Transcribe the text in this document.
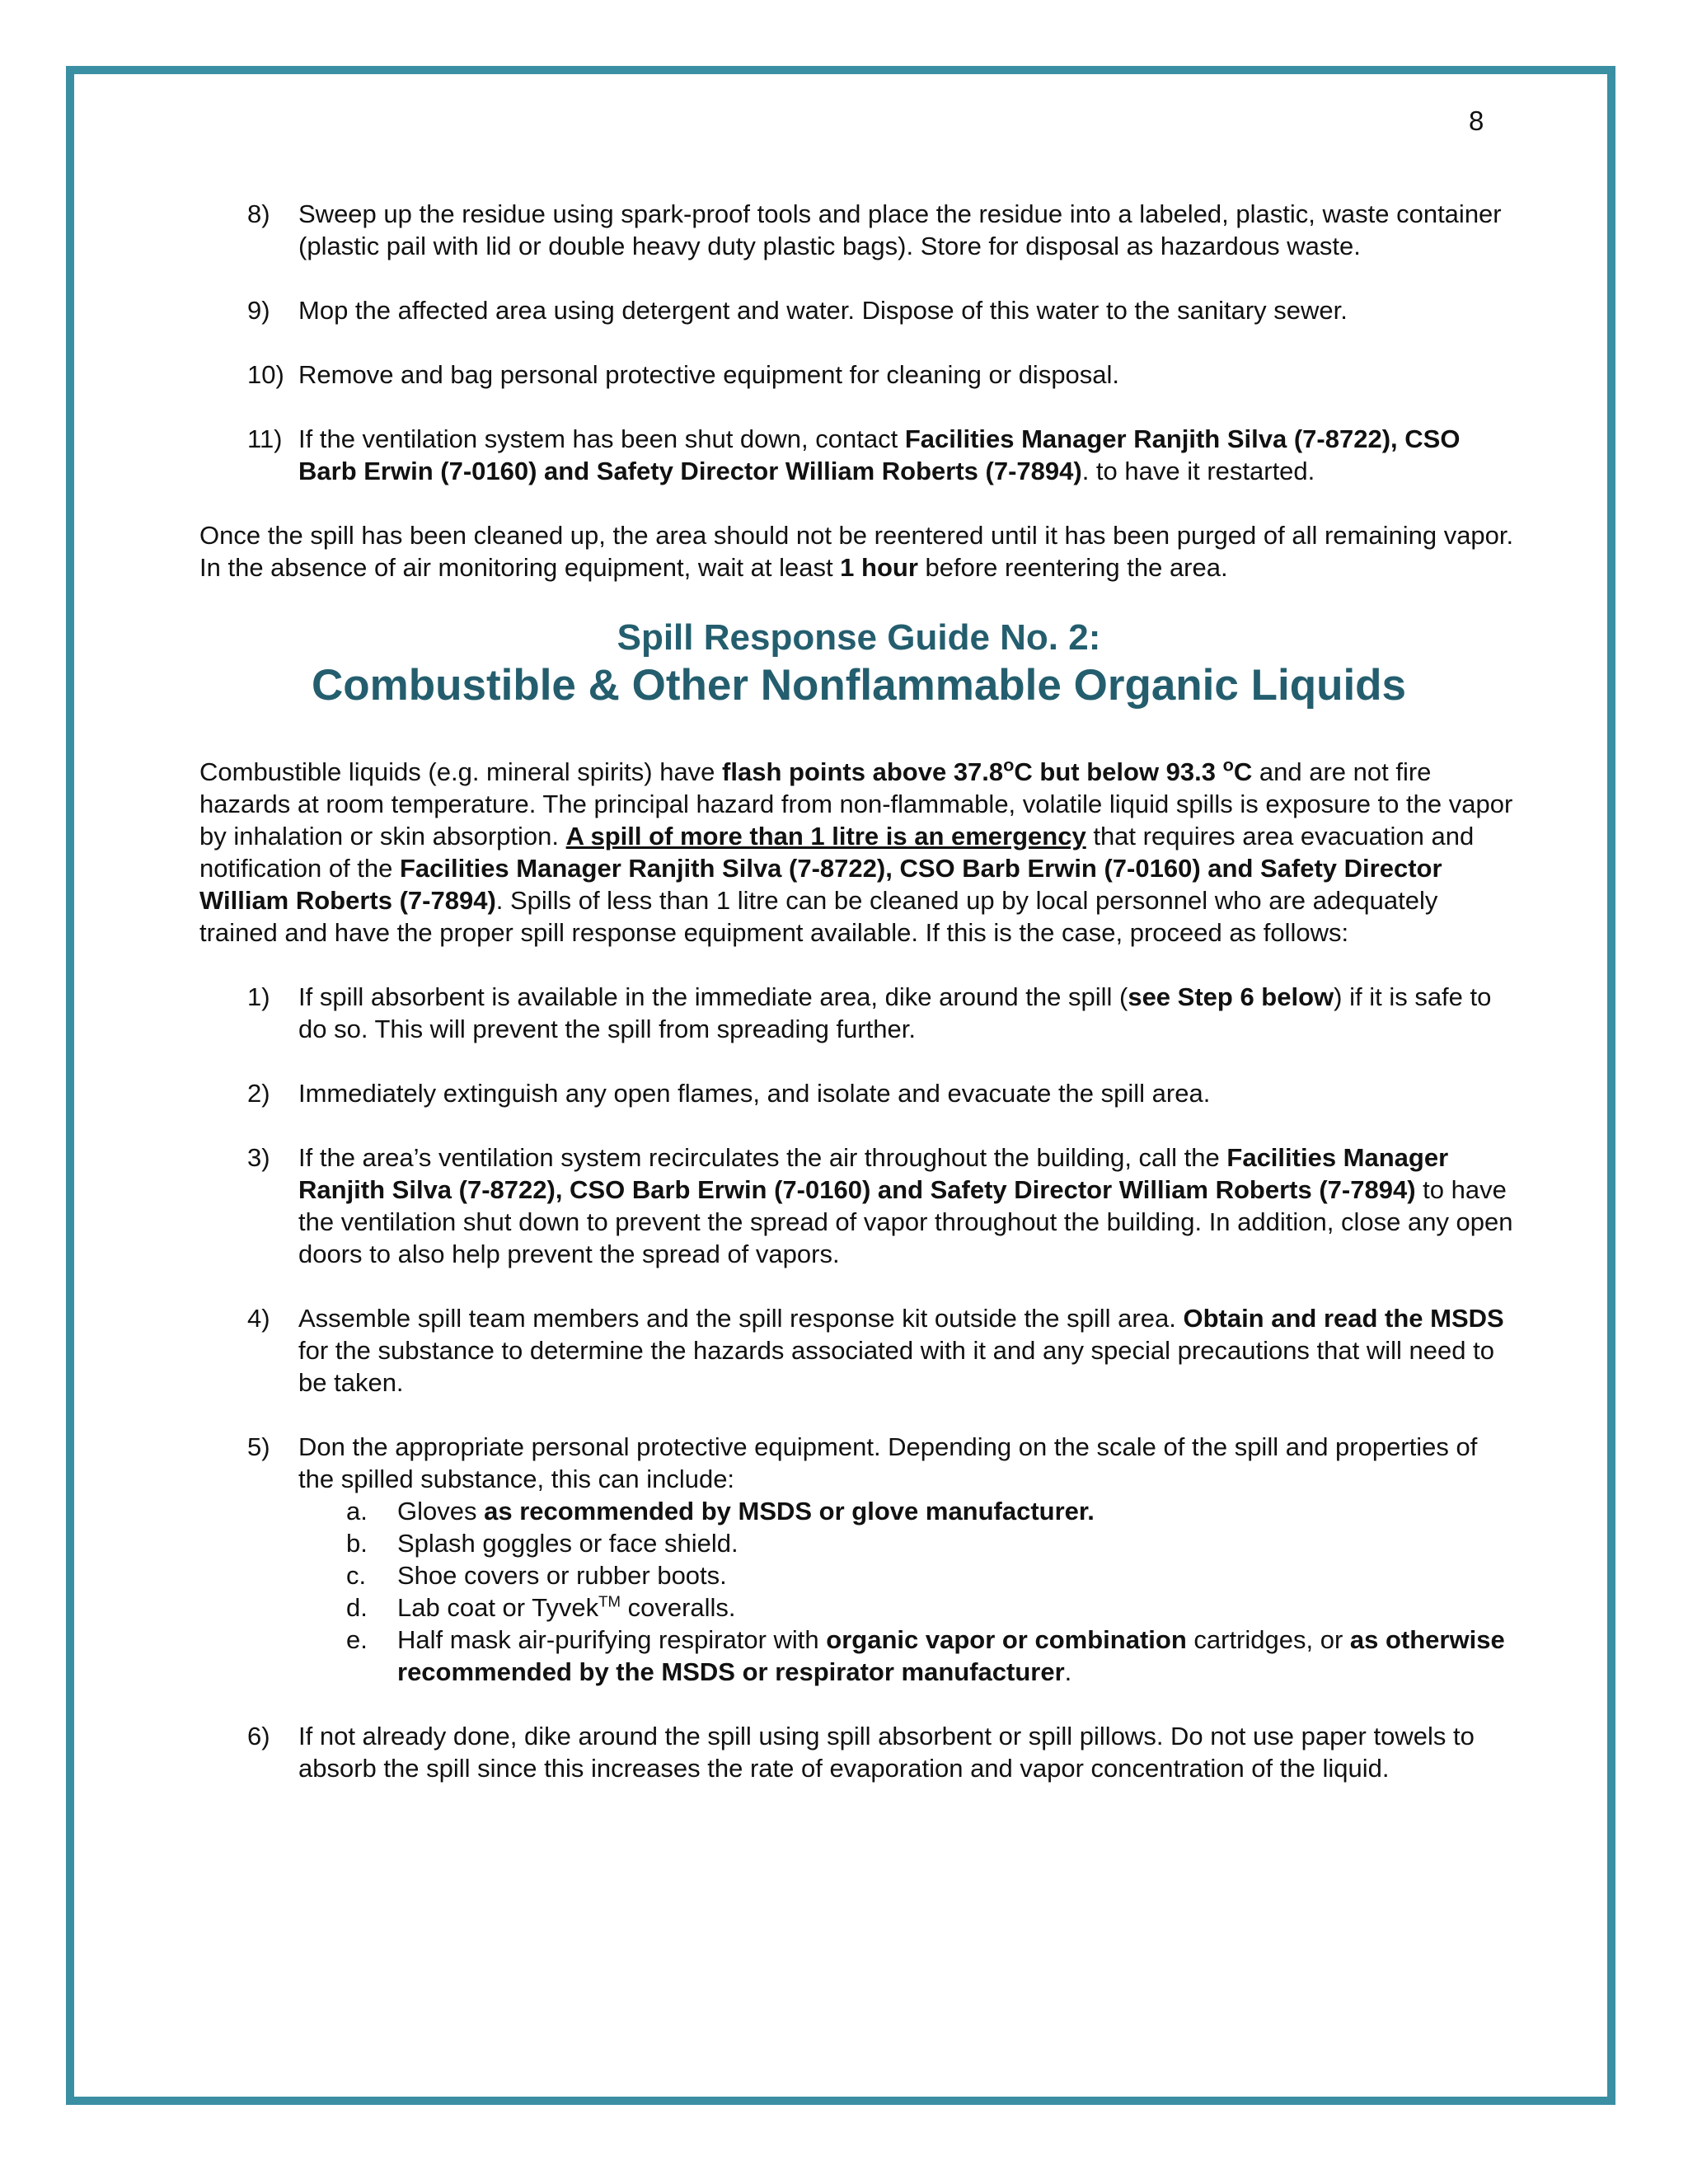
8
8)	Sweep up the residue using spark-proof tools and place the residue into a labeled, plastic, waste container (plastic pail with lid or double heavy duty plastic bags). Store for disposal as hazardous waste.
9)	Mop the affected area using detergent and water. Dispose of this water to the sanitary sewer.
10) Remove and bag personal protective equipment for cleaning or disposal.
11) If the ventilation system has been shut down, contact Facilities Manager Ranjith Silva (7-8722), CSO Barb Erwin (7-0160) and Safety Director William Roberts (7-7894). to have it restarted.

Once the spill has been cleaned up, the area should not be reentered until it has been purged of all remaining vapor. In the absence of air monitoring equipment, wait at least 1 hour before reentering the area.

Spill Response Guide No. 2:
Combustible & Other Nonflammable Organic Liquids

Combustible liquids (e.g. mineral spirits) have flash points above 37.8$^o$C but below 93.3 $^o$C and are not fire hazards at room temperature. The principal hazard from non-flammable, volatile liquid spills is exposure to the vapor by inhalation or skin absorption. A spill of more than 1 litre is an emergency that requires area evacuation and notification of the Facilities Manager Ranjith Silva (7-8722), CSO Barb Erwin (7-0160) and Safety Director William Roberts (7-7894). Spills of less than 1 litre can be cleaned up by local personnel who are adequately trained and have the proper spill response equipment available. If this is the case, proceed as follows:

1)	If spill absorbent is available in the immediate area, dike around the spill (see Step 6 below) if it is safe to do so. This will prevent the spill from spreading further.
2)	Immediately extinguish any open flames, and isolate and evacuate the spill area.
3)	If the area’s ventilation system recirculates the air throughout the building, call the Facilities Manager Ranjith Silva (7-8722), CSO Barb Erwin (7-0160) and Safety Director William Roberts (7-7894) to have the ventilation shut down to prevent the spread of vapor throughout the building. In addition, close any open doors to also help prevent the spread of vapors.
4)	Assemble spill team members and the spill response kit outside the spill area. Obtain and read the MSDS for the substance to determine the hazards associated with it and any special precautions that will need to be taken.
5)	Don the appropriate personal protective equipment. Depending on the scale of the spill and properties of the spilled substance, this can include:
a.	Gloves as recommended by MSDS or glove manufacturer.
b.	Splash goggles or face shield.
c.	Shoe covers or rubber boots.
d.	Lab coat or Tyvek™ coveralls.
e.	Half mask air-purifying respirator with organic vapor or combination cartridges, or as otherwise recommended by the MSDS or respirator manufacturer.
6)	If not already done, dike around the spill using spill absorbent or spill pillows. Do not use paper towels to absorb the spill since this increases the rate of evaporation and vapor concentration of the liquid.
